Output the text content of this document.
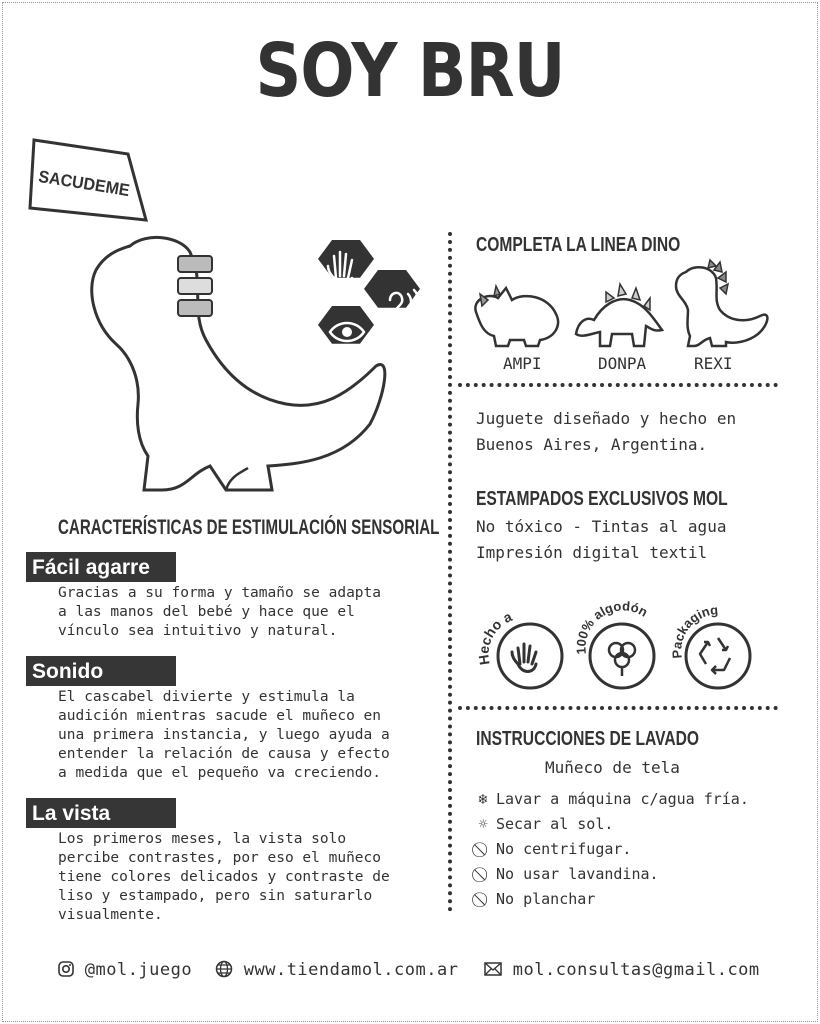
SOY BRU
SACUDEME
CARACTERÍSTICAS DE ESTIMULACIÓN SENSORIAL
Fácil agarre
Gracias a su forma y tamaño se adapta
a las manos del bebé y hace que el
vínculo sea intuitivo y natural.
Sonido
El cascabel divierte y estimula la
audición mientras sacude el muñeco en
una primera instancia, y luego ayuda a
entender la relación de causa y efecto
a medida que el pequeño va creciendo.
La vista
Los primeros meses, la vista solo
percibe contrastes, por eso el muñeco
tiene colores delicados y contraste de
liso y estampado, pero sin saturarlo
visualmente.
COMPLETA LA LINEA DINO
AMPI	DONPA	REXI
Juguete diseñado y hecho en
Buenos Aires, Argentina.
ESTAMPADOS EXCLUSIVOS MOL
No tóxico - Tintas al agua
Impresión digital textil
Hecho a
100% algodón
Packaging
INSTRUCCIONES DE LAVADO
Muñeco de tela
❄ Lavar a máquina c/agua fría.
☼ Secar al sol.
No centrifugar.
No usar lavandina.
No planchar
@mol.juego	www.tiendamol.com.ar	mol.consultas@gmail.com
